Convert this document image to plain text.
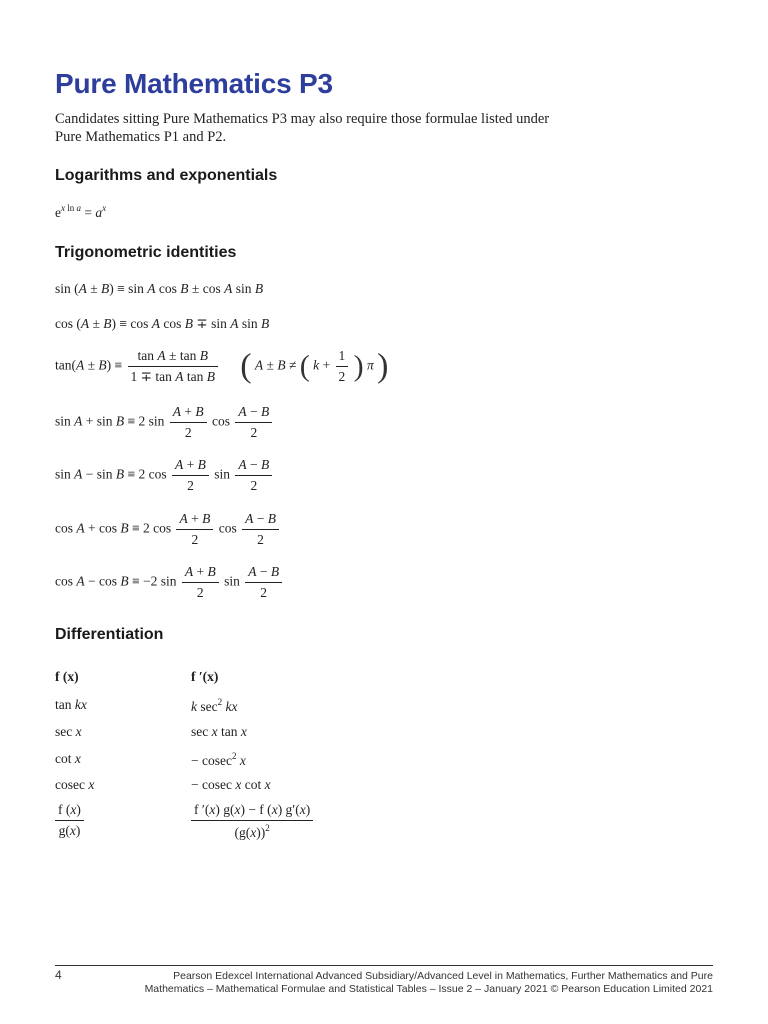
Pure Mathematics P3
Candidates sitting Pure Mathematics P3 may also require those formulae listed under
Pure Mathematics P1 and P2.
Logarithms and exponentials
$e^{x ln a} = a^x$
Trigonometric identities
sin (A ± B) ≡ sin A cos B ± cos A sin B
cos (A ± B) ≡ cos A cos B ∓ sin A sin B
$\tan(A \pm B) \equiv \frac{\text{tan A ± tan B}}{\text{1 ∓ tan A tan B}}$ ( A ± B ≠ ( $k + \frac{1}{2}$ ) π )
sin A + sin B ≡ 2 $\sin \frac{A + B}{2}$ $\cos \frac{A - B}{2}$
sin A − sin B ≡ 2 $\cos \frac{A + B}{2}$ $\sin \frac{A - B}{2}$
cos A + cos B ≡ 2 $\cos \frac{A + B}{2}$ $\cos \frac{A - B}{2}$
cos A − cos B ≡ −2 $\sin \frac{A + B}{2}$ $\sin \frac{A - B}{2}$
Differentiation
f (x)	f ′(x)
tan kx	k $\sec^2$ kx
sec x	sec x tan x
cot x	− cosec$^2$ x
cosec x	− cosec x cot x
$\frac{f (x)}{g(x)}$	$\frac{f '(x) g(x) - f (x) g'(x)}{(g(x))^2}$
4	Pearson Edexcel International Advanced Subsidiary/Advanced Level in Mathematics, Further Mathematics and Pure
Mathematics – Mathematical Formulae and Statistical Tables – Issue 2 – January 2021 © Pearson Education Limited 2021
